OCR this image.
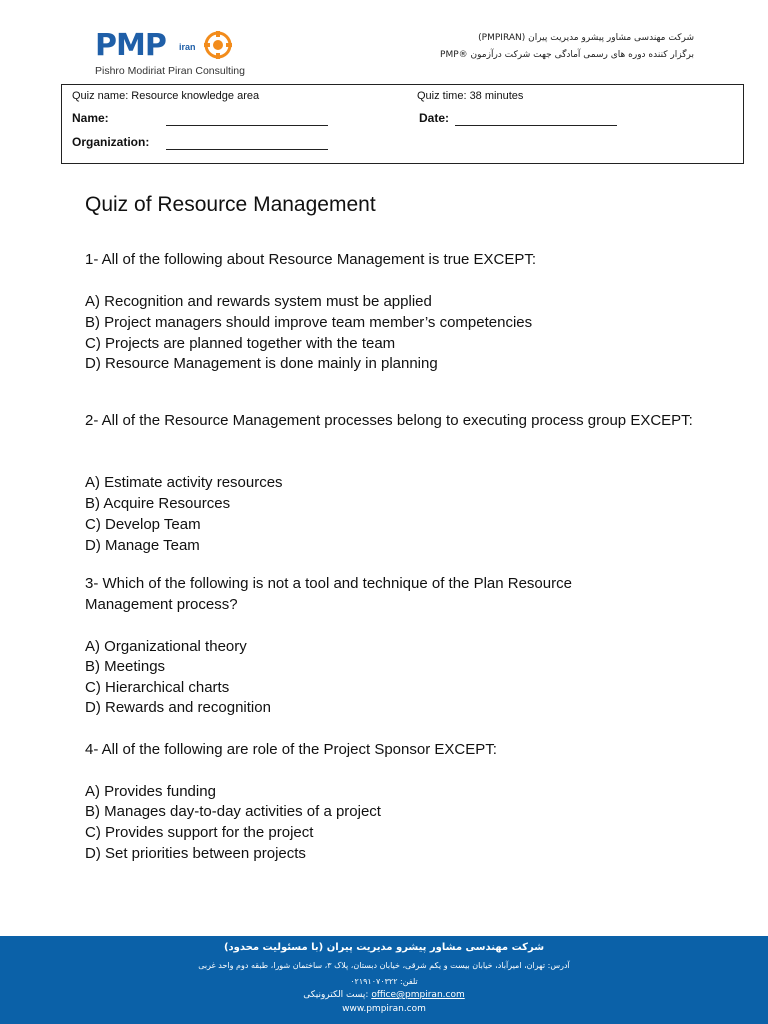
PMP iran
Pishro Modiriat Piran Consulting
شرکت مهندسی مشاور پیشرو مدیریت پیران (PMPIRAN)
برگزار کننده دوره های رسمی آمادگی جهت شرکت درآزمون ®PMP
Quiz name: Resource knowledge area	Quiz time: 38 minutes
Name:	Date:
Organization:
Quiz of Resource Management
1- All of the following about Resource Management is true EXCEPT:
A) Recognition and rewards system must be applied
B) Project managers should improve team member’s competencies
C) Projects are planned together with the team
D) Resource Management is done mainly in planning
2- All of the Resource Management processes belong to executing process group EXCEPT:
A) Estimate activity resources
B) Acquire Resources
C) Develop Team
D) Manage Team
3- Which of the following is not a tool and technique of the Plan Resource Management process?
A) Organizational theory
B) Meetings
C) Hierarchical charts
D) Rewards and recognition
4- All of the following are role of the Project Sponsor EXCEPT:
A) Provides funding
B) Manages day-to-day activities of a project
C) Provides support for the project
D) Set priorities between projects
شرکت مهندسی مشاور پیشرو مدیریت پیران (با مسئولیت محدود)
آدرس: تهران، امیرآباد، خیابان بیست و یکم شرقی، خیابان دبستان، پلاک ۳، ساختمان شورا، طبقه دوم واحد غربی
تلفن: ۰۲۱۹۱۰۷۰۳۲۲
پست الکترونیکی: office@pmpiran.com
www.pmpiran.com
